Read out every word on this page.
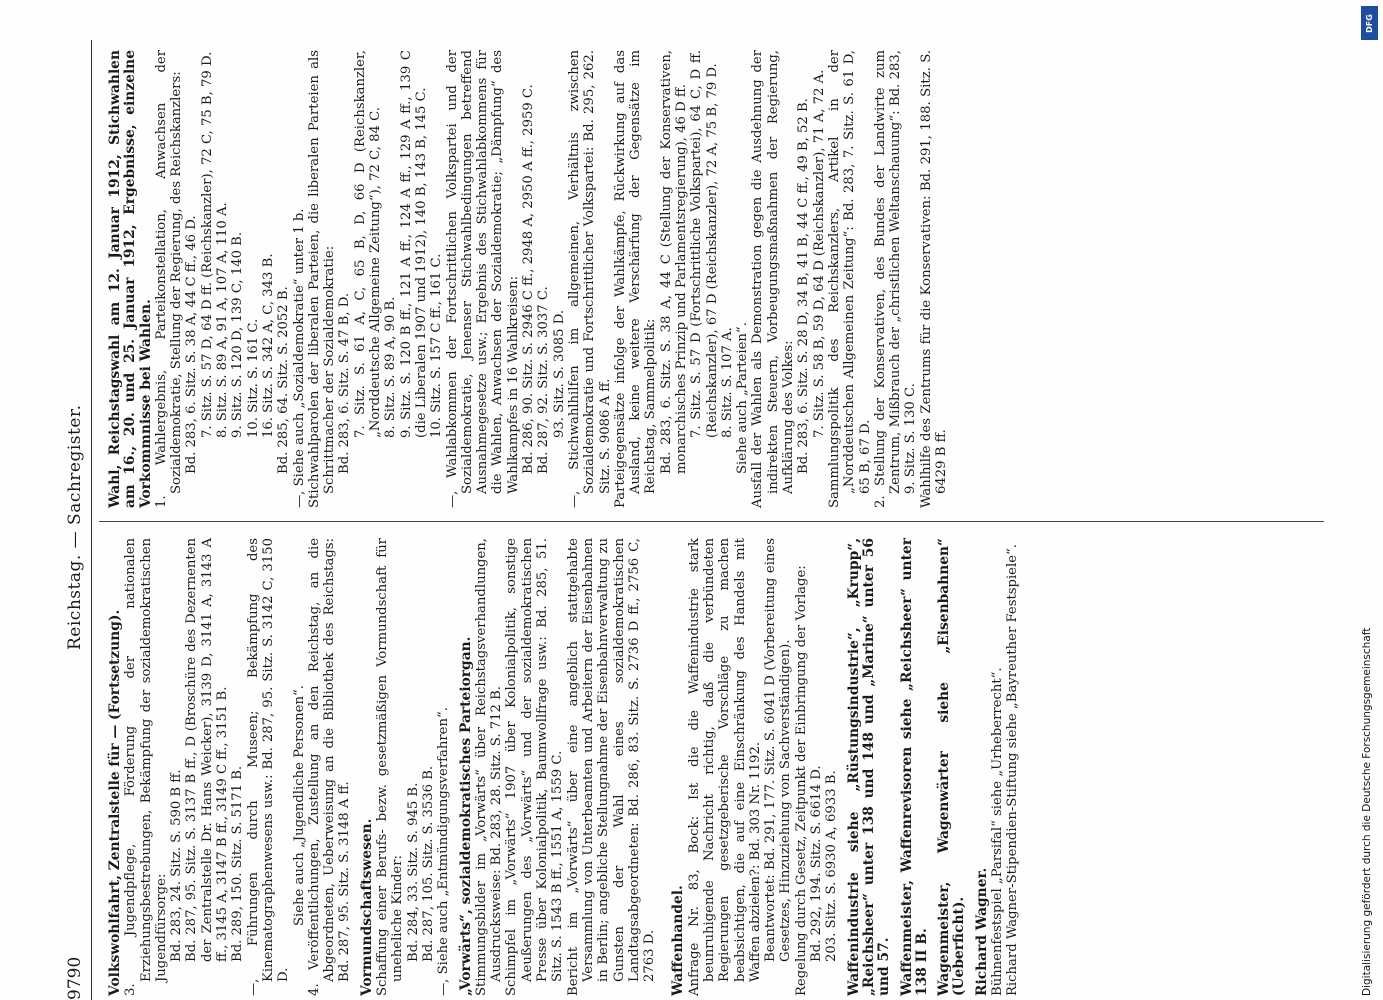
9790
Reichstag. — Sachregister.

Volkswohlfahrt, Zentralstelle für — (Fortsetzung). 3. Jugendpflege, Förderung der nationalen Erziehungsbestrebungen, Bekämpfung der sozialdemokratischen Jugendfürsorge: Bd. 283, 24. Sitz. S. 590 B ff. Bd. 287, 95. Sitz. S. 3137 B ff., D (Broschüre des Dezernenten der Zentralstelle Dr. Hans Weicker), 3139 D, 3141 A, 3143 A ff., 3145 A, 3147 B ff., 3149 C ff., 3151 B. Bd. 289, 150. Sitz. S. 5171 B. —, Führungen durch Museen; Bekämpfung des Kinematographenwesens usw.: Bd. 287, 95. Sitz. S. 3142 C, 3150 D.

Siehe auch „Jugendliche Personen“. 4. Veröffentlichungen, Zustellung an den Reichstag, an die Abgeordneten, Ueberweisung an die Bibliothek des Reichstags: Bd. 287, 95. Sitz. S. 3148 A ff. Vormundschaftswesen. Schaffung einer Berufs- bezw. gesetzmäßigen Vormundschaft für uneheliche Kinder: Bd. 284, 33. Sitz. S. 945 B. Bd. 287, 105. Sitz. S. 3536 B. —, Siehe auch „Entmündigungsverfahren“. „Vorwärts“, sozialdemokratisches Parteiorgan. Stimmungsbilder im „Vorwärts“ über Reichstagsverhandlungen, Ausdrucksweise: Bd. 283, 28. Sitz. S. 712 B. Schimpfel im „Vorwärts“ 1907 über Kolonialpolitik, sonstige Aeußerungen des „Vorwärts“ und der sozialdemokratischen Presse über Kolonialpolitik, Baumwollfrage usw.: Bd. 285, 51. Sitz. S. 1543 B ff., 1551 A, 1559 C. Bericht im „Vorwärts“ über eine angeblich stattgehabte Versammlung von Unterbeamten und Arbeitern der Eisenbahnen in Berlin; angebliche Stellungnahme der Eisenbahnverwaltung zu Gunsten der Wahl eines sozialdemokratischen Landtagsabgeordneten: Bd. 286, 83. Sitz. S. 2736 D ff., 2756 C, 2763 D. Waffenhandel. Anfrage Nr. 83, Bock: Ist die die Waffenindustrie stark beunruhigende Nachricht richtig, daß die verbündeten Regierungen gesetzgeberische Vorschläge zu machen beabsichtigen, die auf eine Einschränkung des Handels mit Waffen abzielen?: Bd. 303 Nr. 1192. Beantwortet: Bd. 291, 177. Sitz. S. 6041 D (Vorbereitung eines Gesetzes, Hinzuziehung von Sachverständigen). Regelung durch Gesetz, Zeitpunkt der Einbringung der Vorlage: Bd. 292, 194. Sitz. S. 6614 D. 203. Sitz. S. 6930 A, 6933 B. Waffenindustrie siehe „Rüstungsindustrie“, „Krupp“, „Reichsheer“ unter 138 und 148 und „Marine“ unter 56 und 57. Waffenmeister, Waffenrevisoren siehe „Reichsheer“ unter 138 II B. Wagenmeister, Wagenwärter siehe „Eisenbahnen“ (Ueberficht). Richard Wagner. Bühnenfestspiel „Parsifal“ siehe „Urheberrecht“. Richard Wagner-Stipendien-Stiftung siehe „Bayreuther Festspiele“.

Wahl, Reichstagswahl am 12. Januar 1912, Stichwahlen am 16., 20. und 25. Januar 1912, Ergebnisse, einzelne Vorkommnisse bei Wahlen. 1. Wahlergebnis, Parteikonstellation, Anwachsen der Sozialdemokratie, Stellung der Regierung, des Reichskanzlers: Bd. 283, 6. Sitz. S. 38 A, 44 C ff., 46 D. 7. Sitz. S. 57 D, 64 D ff. (Reichskanzler), 72 C, 75 B, 79 D. 8. Sitz. S. 89 A, 91 A, 107 A, 110 A. 9. Sitz. S. 120 D, 139 C, 140 B. 10. Sitz. S. 161 C. 16. Sitz. S. 342 A, C, 343 B. Bd. 285, 64. Sitz. S. 2052 B. —, Siehe auch „Sozialdemokratie“ unter 1 b. Stichwahlparolen der liberalen Parteien, die liberalen Parteien als Schrittmacher der Sozialdemokratie: Bd. 283, 6. Sitz. S. 47 B, D. 7. Sitz. S. 61 A, C, 65 B, D, 66 D (Reichskanzler, „Norddeutsche Allgemeine Zeitung“), 72 C, 84 C. 8. Sitz. S. 89 A, 90 B. 9. Sitz. S. 120 B ff., 121 A ff., 124 A ff., 129 A ff., 139 C (die Liberalen 1907 und 1912), 140 B, 143 B, 145 C. 10. Sitz. S. 157 C ff., 161 C. —, Wahlabkommen der Fortschrittlichen Volkspartei und der Sozialdemokratie, Jenenser Stichwahlbedingungen betreffend Ausnahmegesetze usw.; Ergebnis des Stichwahlabkommens für die Wahlen, Anwachsen der Sozialdemokratie; „Dämpfung“ des Wahlkampfes in 16 Wahlkreisen: Bd. 286, 90. Sitz. S. 2946 C ff., 2948 A, 2950 A ff., 2959 C. Bd. 287, 92. Sitz. S. 3037 C. 93. Sitz. S. 3085 D. —, Stichwahlhilfen im allgemeinen, Verhältnis zwischen Sozialdemokratie und Fortschrittlicher Volkspartei: Bd. 295, 262. Sitz. S. 9086 A ff. Parteigegensätze infolge der Wahlkämpfe, Rückwirkung auf das Ausland, keine weitere Verschärfung der Gegensätze im Reichstag, Sammelpolitik: Bd. 283, 6. Sitz. S. 38 A, 44 C (Stellung der Konservativen, monarchisches Prinzip und Parlamentsregierung), 46 D ff. 7. Sitz. S. 57 D (Fortschrittliche Volkspartei), 64 C, D ff. (Reichskanzler), 67 D (Reichskanzler), 72 A, 75 B, 79 D. 8. Sitz. S. 107 A. Siehe auch „Parteien“. Ausfall der Wahlen als Demonstration gegen die Ausdehnung der indirekten Steuern, Vorbeugungsmaßnahmen der Regierung, Aufklärung des Volkes: Bd. 283, 6. Sitz. S. 28 D, 34 B, 41 B, 44 C ff., 49 B, 52 B. 7. Sitz. S. 58 B, 59 D, 64 D (Reichskanzler), 71 A, 72 A. Sammlungspolitik des Reichskanzlers, Artikel in der „Norddeutschen Allgemeinen Zeitung“: Bd. 283, 7. Sitz. S. 61 D, 65 B, 67 D. 2. Stellung der Konservativen, des Bundes der Landwirte zum Zentrum, Mißbrauch der „christlichen Weltanschauung“: Bd. 283, 9. Sitz. S. 130 C. Wahlhilfe des Zentrums für die Konservativen: Bd. 291, 188. Sitz. S. 6429 B ff.

DFG
Digitalisierung gefördert durch die Deutsche Forschungsgemeinschaft
